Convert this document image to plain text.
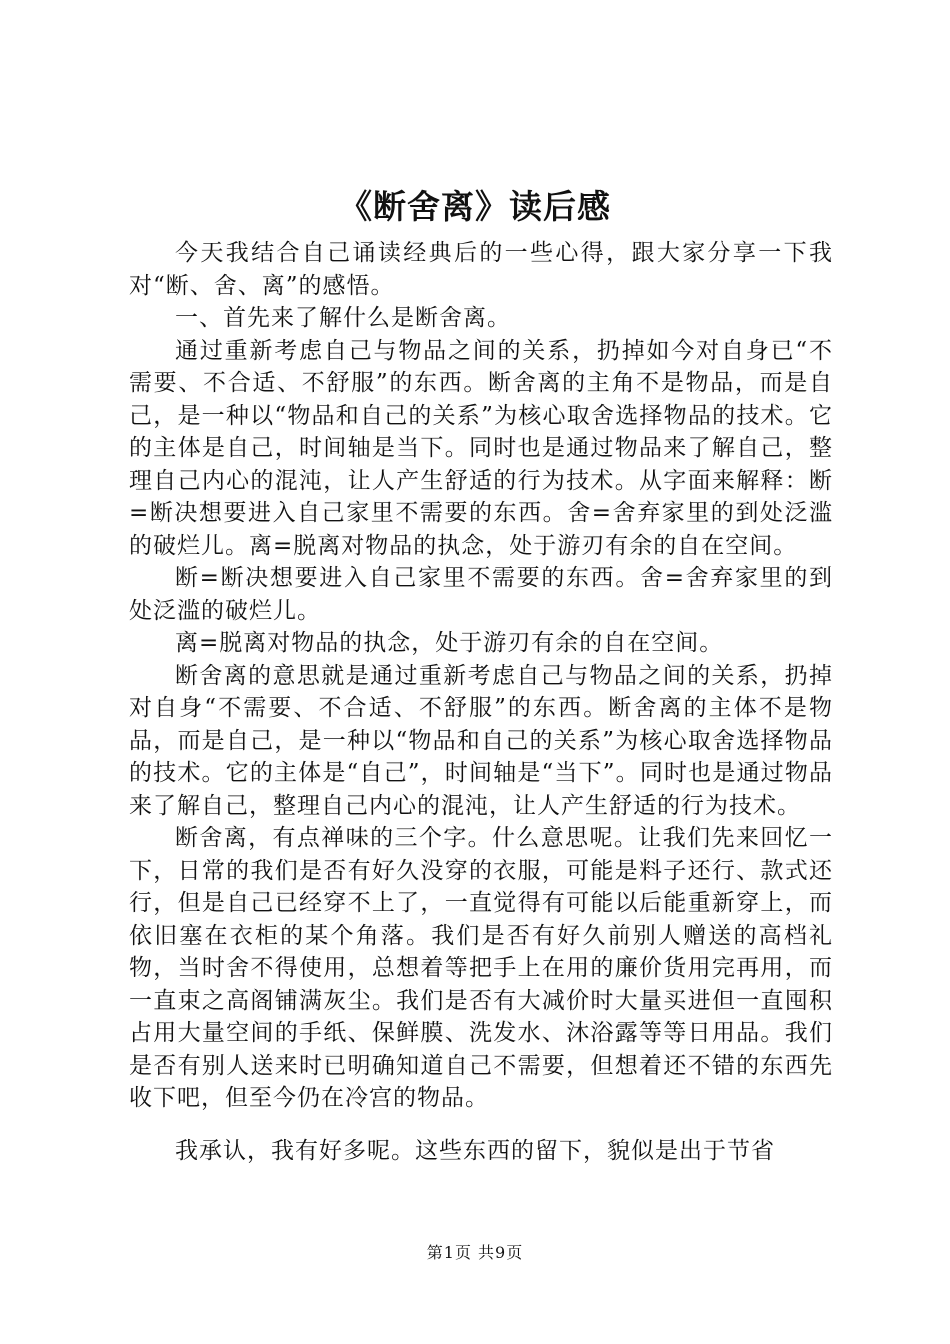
《断舍离》读后感

今天我结合自己诵读经典后的一些心得，跟大家分享一下我对“断、舍、离”的感悟。

一、首先来了解什么是断舍离。

通过重新考虑自己与物品之间的关系，扔掉如今对自身已“不需要、不合适、不舒服”的东西。断舍离的主角不是物品，而是自己，是一种以“物品和自己的关系”为核心取舍选择物品的技术。它的主体是自己，时间轴是当下。同时也是通过物品来了解自己，整理自己内心的混沌，让人产生舒适的行为技术。从字面来解释：断=断决想要进入自己家里不需要的东西。舍=舍弃家里的到处泛滥的破烂儿。离=脱离对物品的执念，处于游刃有余的自在空间。

断=断决想要进入自己家里不需要的东西。舍=舍弃家里的到处泛滥的破烂儿。

离=脱离对物品的执念，处于游刃有余的自在空间。

断舍离的意思就是通过重新考虑自己与物品之间的关系，扔掉对自身“不需要、不合适、不舒服”的东西。断舍离的主体不是物品，而是自己，是一种以“物品和自己的关系”为核心取舍选择物品的技术。它的主体是“自己”，时间轴是“当下”。同时也是通过物品来了解自己，整理自己内心的混沌，让人产生舒适的行为技术。

断舍离，有点禅味的三个字。什么意思呢。让我们先来回忆一下，日常的我们是否有好久没穿的衣服，可能是料子还行、款式还行，但是自己已经穿不上了，一直觉得有可能以后能重新穿上，而依旧塞在衣柜的某个角落。我们是否有好久前别人赠送的高档礼物，当时舍不得使用，总想着等把手上在用的廉价货用完再用，而一直束之高阁铺满灰尘。我们是否有大减价时大量买进但一直囤积占用大量空间的手纸、保鲜膜、洗发水、沐浴露等等日用品。我们是否有别人送来时已明确知道自己不需要，但想着还不错的东西先收下吧，但至今仍在冷宫的物品。

我承认，我有好多呢。这些东西的留下，貌似是出于节省

第1页 共9页
